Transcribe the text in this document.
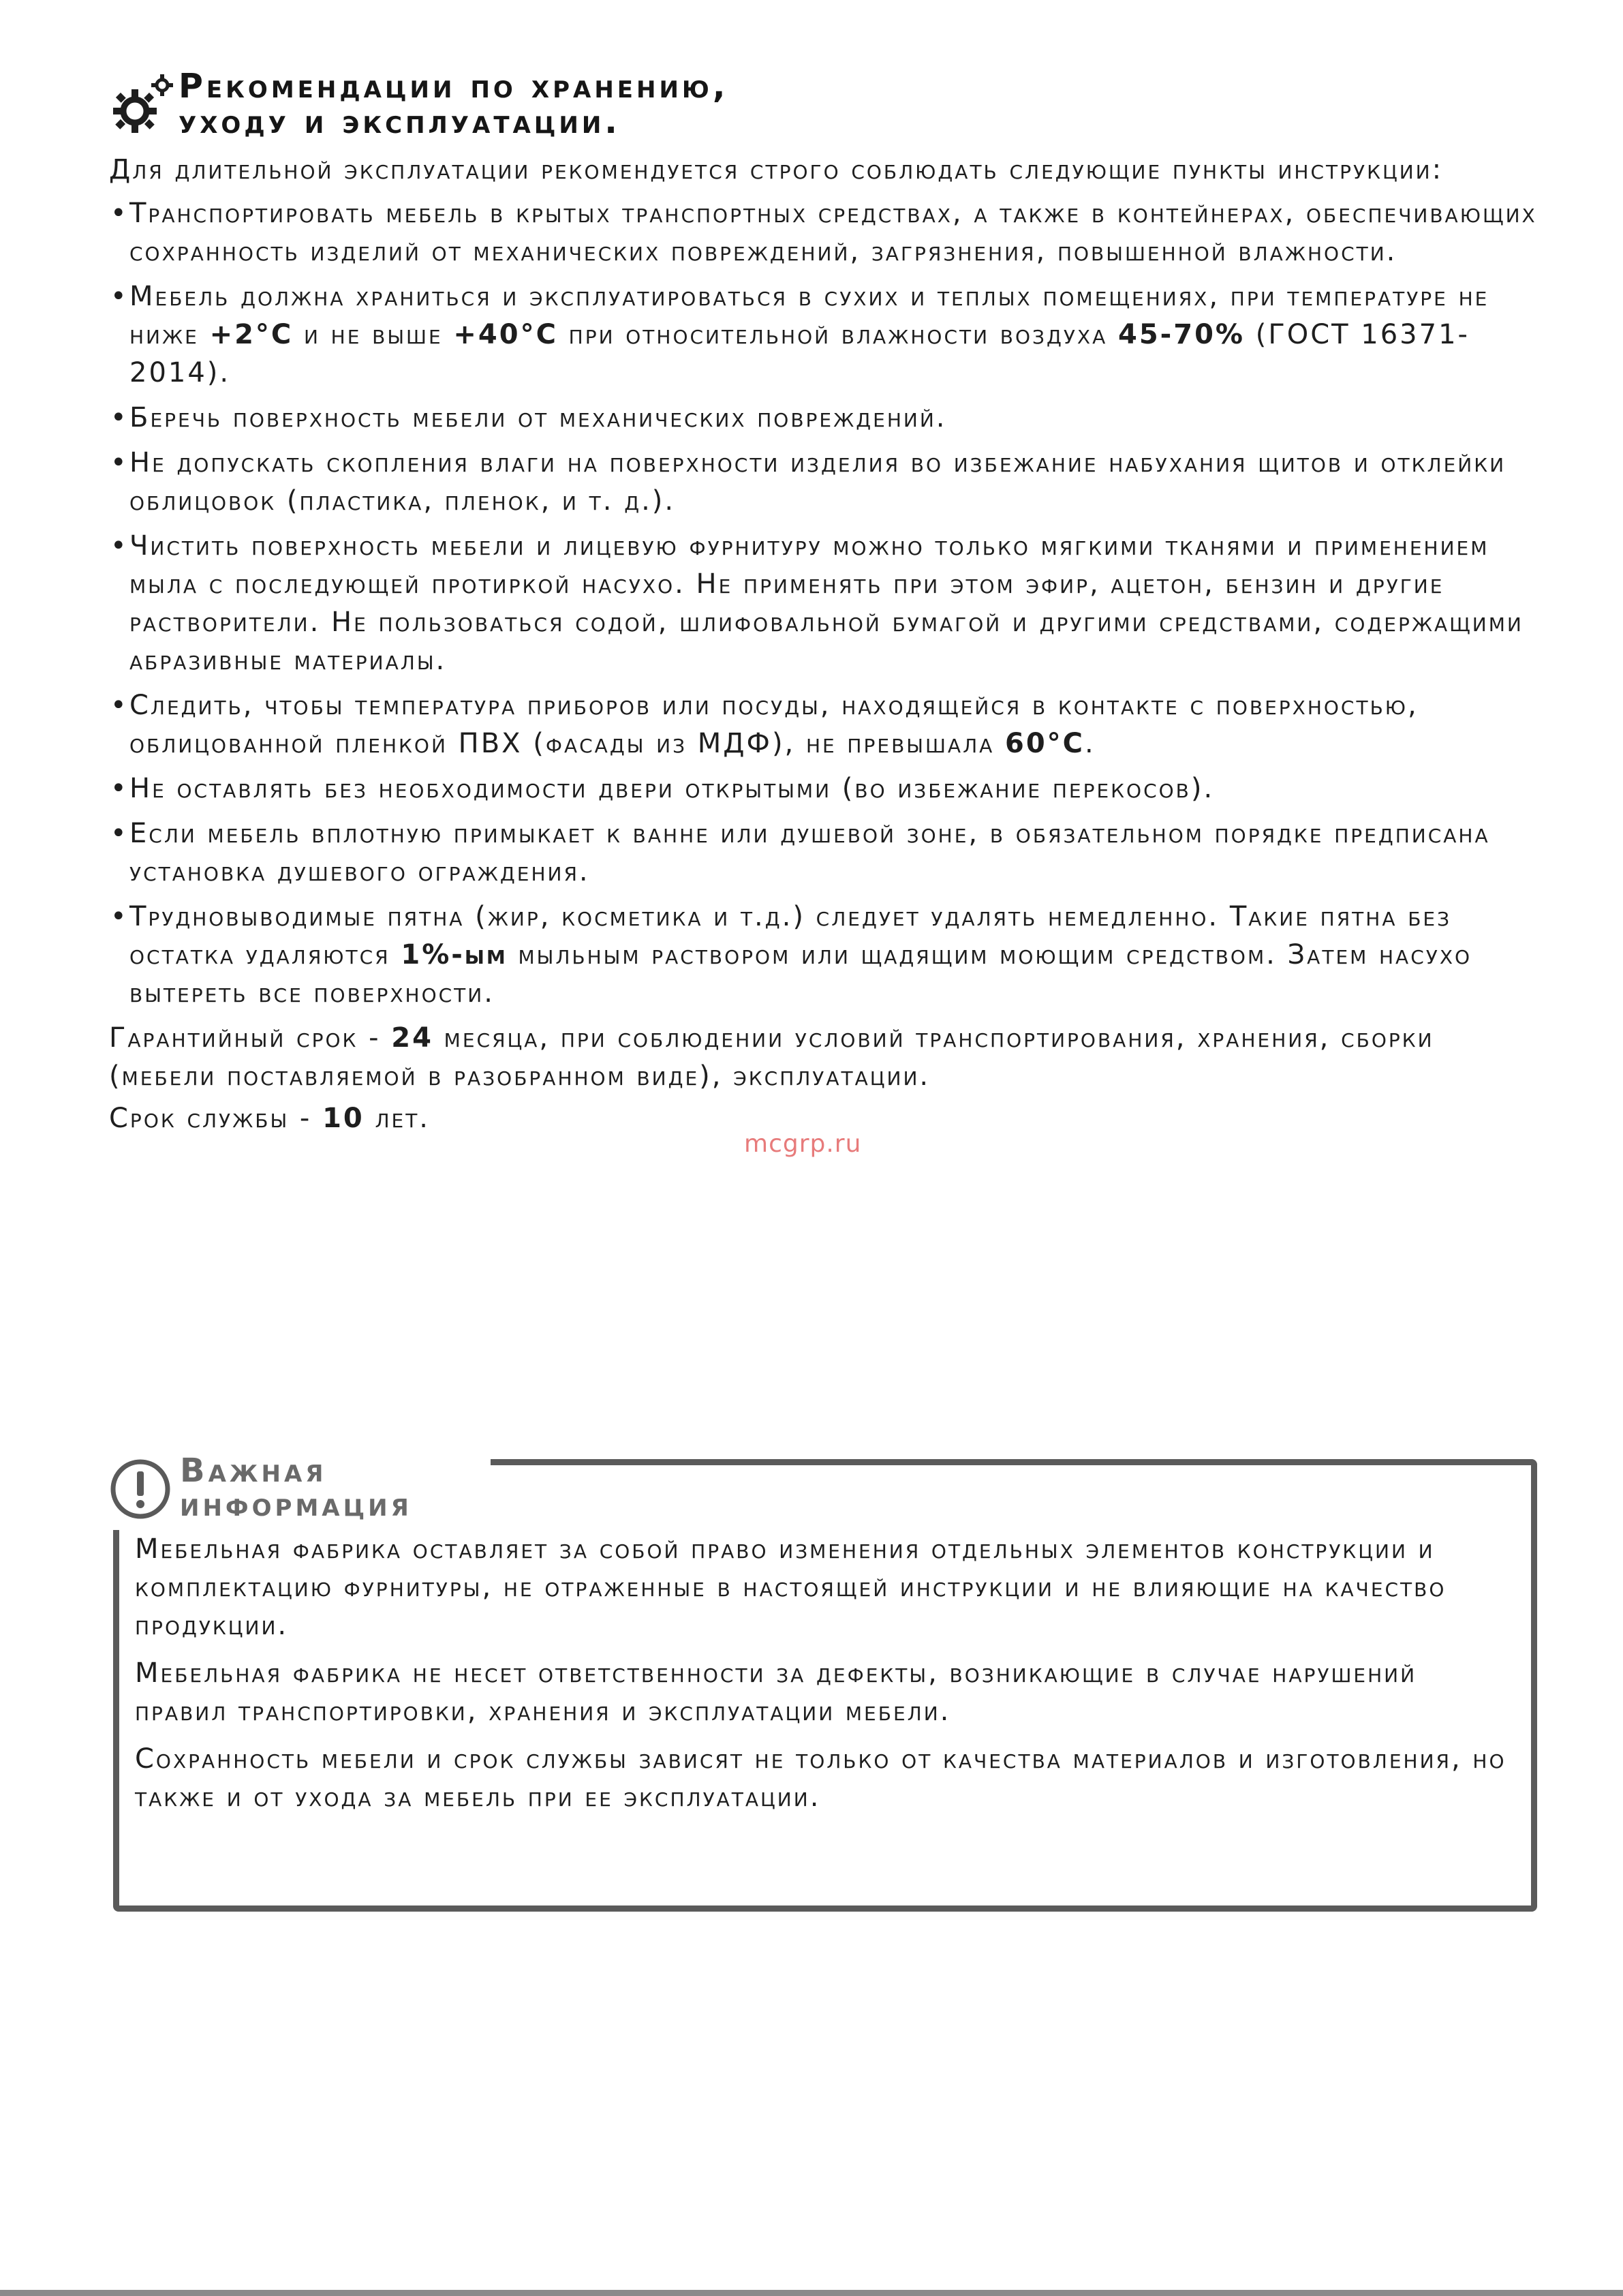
Рекомендации по хранению,
уходу и эксплуатации.

Для длительной эксплуатации рекомендуется строго соблюдать следующие пункты инструкции:

• Транспортировать мебель в крытых транспортных средствах, а также в контейнерах, обеспечивающих сохранность изделий от механических повреждений, загрязнения, повышенной влажности.
• Мебель должна храниться и эксплуатироваться в сухих и теплых помещениях, при температуре не ниже +2°C и не выше +40°C при относительной влажности воздуха 45-70% (ГОСТ 16371-2014).
• Беречь поверхность мебели от механических повреждений.
• Не допускать скопления влаги на поверхности изделия во избежание набухания щитов и отклейки облицовок (пластика, пленок, и т. д.).
• Чистить поверхность мебели и лицевую фурнитуру можно только мягкими тканями и применением мыла с последующей протиркой насухо. Не применять при этом эфир, ацетон, бензин и другие растворители. Не пользоваться содой, шлифовальной бумагой и другими средствами, содержащими абразивные материалы.
• Следить, чтобы температура приборов или посуды, находящейся в контакте с поверхностью, облицованной пленкой ПВХ (фасады из МДФ), не превышала 60°C.
• Не оставлять без необходимости двери открытыми (во избежание перекосов).
• Если мебель вплотную примыкает к ванне или душевой зоне, в обязательном порядке предписана установка душевого ограждения.
• Трудновыводимые пятна (жир, косметика и т.д.) следует удалять немедленно. Такие пятна без остатка удаляются 1%-ым мыльным раствором или щадящим моющим средством. Затем насухо вытереть все поверхности.

Гарантийный срок - 24 месяца, при соблюдении условий транспортирования, хранения, сборки (мебели поставляемой в разобранном виде), эксплуатации.

Срок службы - 10 лет.

mcgrp.ru
Важная
информация

Мебельная фабрика оставляет за собой право изменения отдельных элементов конструкции и комплектацию фурнитуры, не отраженные в настоящей инструкции и не влияющие на качество продукции.

Мебельная фабрика не несет ответственности за дефекты, возникающие в случае нарушений правил транспортировки, хранения и эксплуатации мебели.

Сохранность мебели и срок службы зависят не только от качества материалов и изготовления, но также и от ухода за мебель при ее эксплуатации.
